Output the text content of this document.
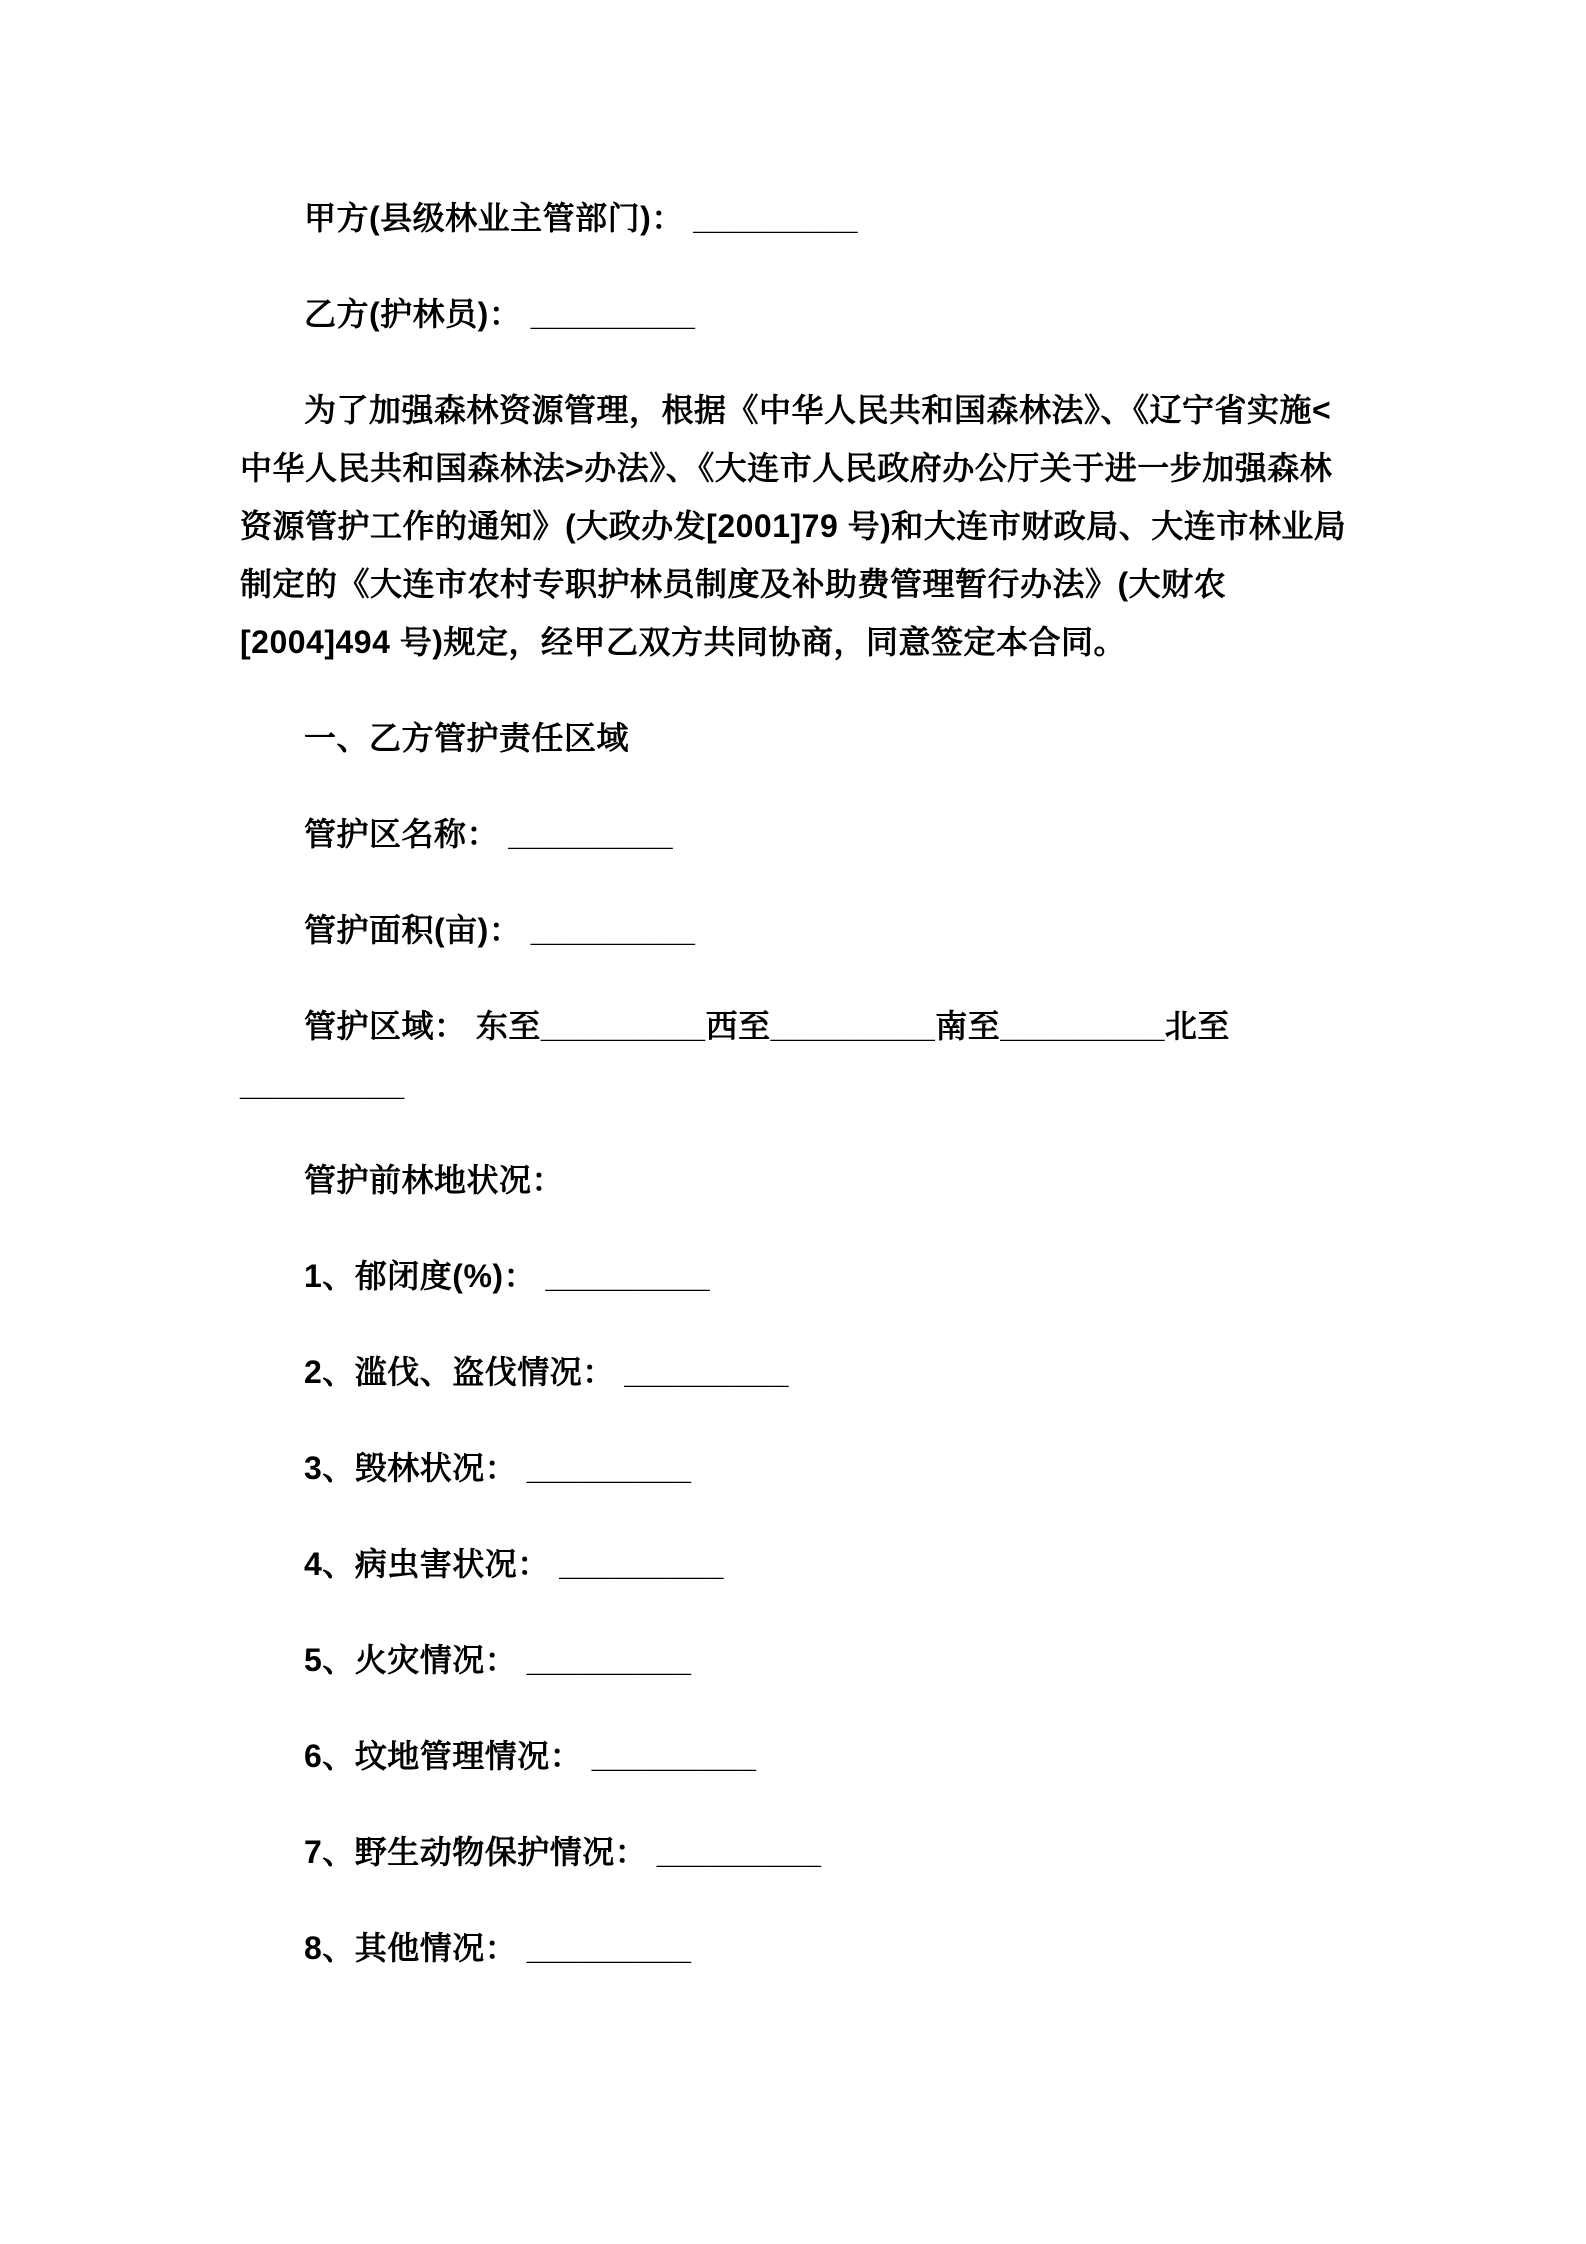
甲方(县级林业主管部门)： _________

乙方(护林员)： _________

为了加强森林资源管理，根据《中华人民共和国森林法》、《辽宁省实施<
中华人民共和国森林法>办法》、《大连市人民政府办公厅关于进一步加强森林
资源管护工作的通知》(大政办发[2001]79 号)和大连市财政局、大连市林业局
制定的《大连市农村专职护林员制度及补助费管理暂行办法》(大财农
[2004]494 号)规定，经甲乙双方共同协商，同意签定本合同。

一、乙方管护责任区域

管护区名称： _________

管护面积(亩)： _________

管护区域： 东至_________西至_________南至_________北至
_________

管护前林地状况：

1、郁闭度(%)： _________

2、滥伐、盗伐情况： _________

3、毁林状况： _________

4、病虫害状况： _________

5、火灾情况： _________

6、坟地管理情况： _________

7、野生动物保护情况： _________

8、其他情况： _________
